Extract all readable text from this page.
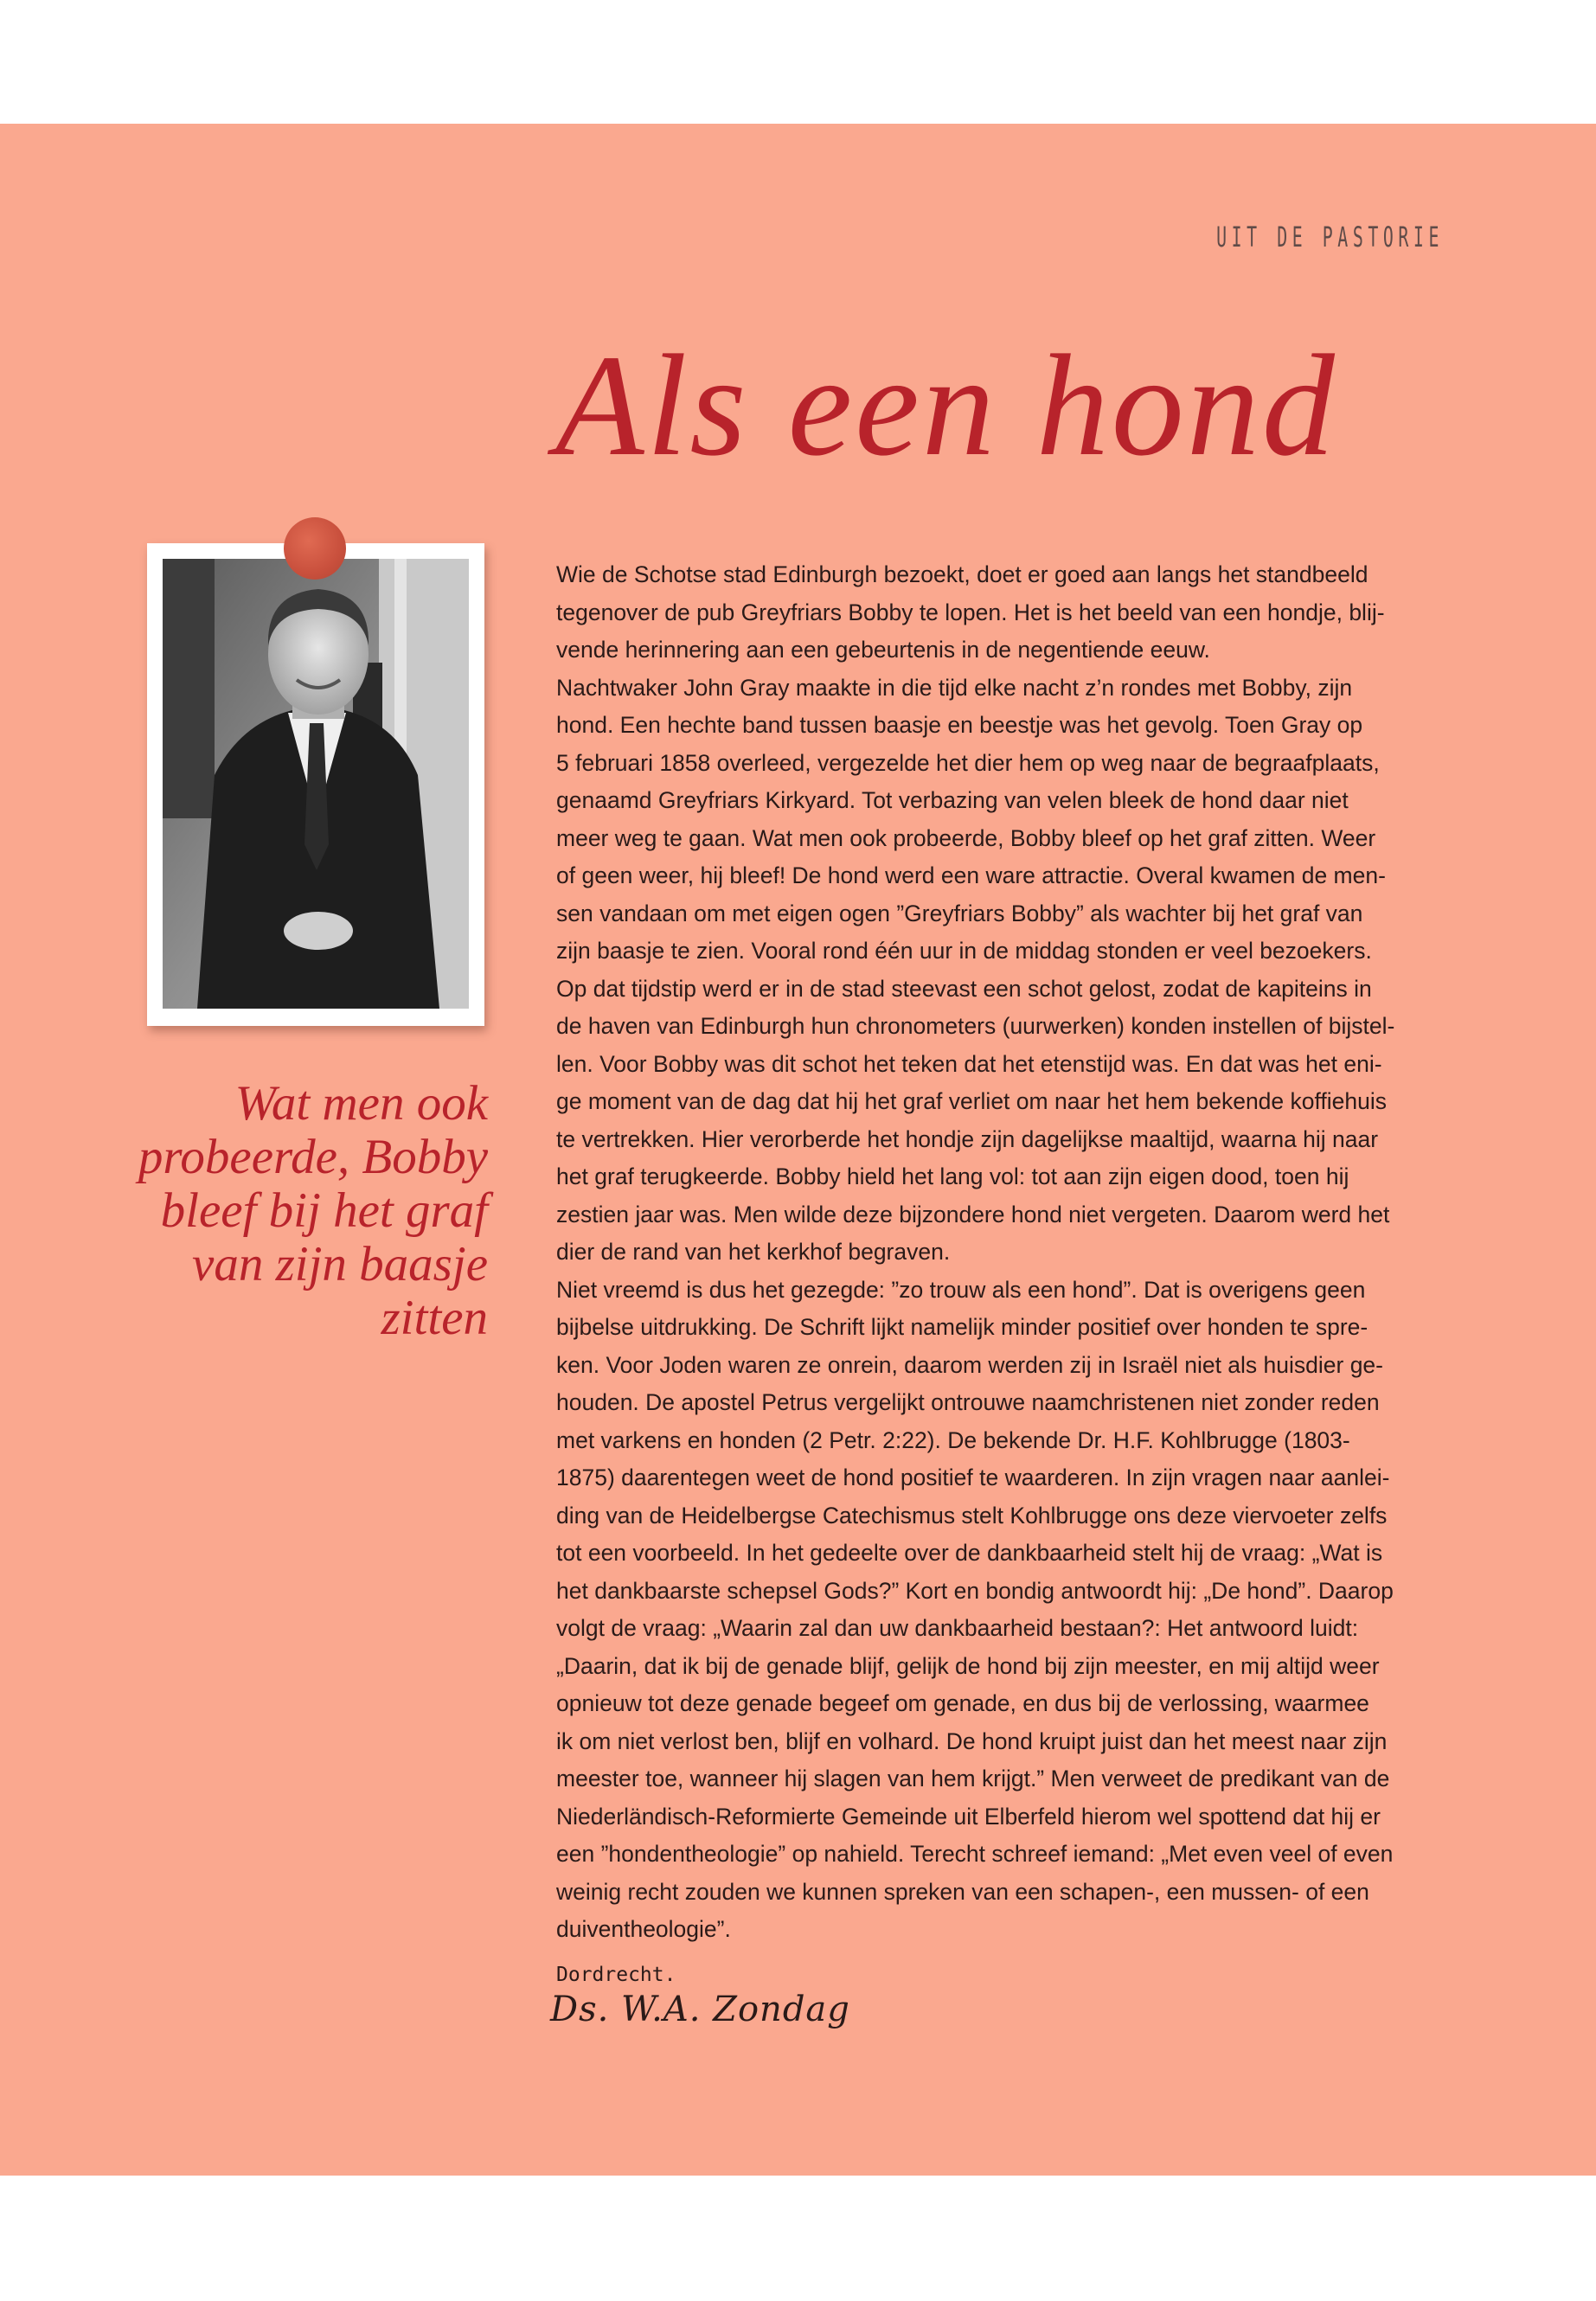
UIT DE PASTORIE
Als een hond
Wat men ook
probeerde, Bobby
bleef bij het graf
van zijn baasje
zitten
Wie de Schotse stad Edinburgh bezoekt, doet er goed aan langs het standbeeld
tegenover de pub Greyfriars Bobby te lopen. Het is het beeld van een hondje, blij-
vende herinnering aan een gebeurtenis in de negentiende eeuw.
Nachtwaker John Gray maakte in die tijd elke nacht z’n rondes met Bobby, zijn
hond. Een hechte band tussen baasje en beestje was het gevolg. Toen Gray op
5 februari 1858 overleed, vergezelde het dier hem op weg naar de begraafplaats,
genaamd Greyfriars Kirkyard. Tot verbazing van velen bleek de hond daar niet
meer weg te gaan. Wat men ook probeerde, Bobby bleef op het graf zitten. Weer
of geen weer, hij bleef! De hond werd een ware attractie. Overal kwamen de men-
sen vandaan om met eigen ogen ”Greyfriars Bobby” als wachter bij het graf van
zijn baasje te zien. Vooral rond één uur in de middag stonden er veel bezoekers.
Op dat tijdstip werd er in de stad steevast een schot gelost, zodat de kapiteins in
de haven van Edinburgh hun chronometers (uurwerken) konden instellen of bijstel-
len. Voor Bobby was dit schot het teken dat het etenstijd was. En dat was het eni-
ge moment van de dag dat hij het graf verliet om naar het hem bekende koffiehuis
te vertrekken. Hier verorberde het hondje zijn dagelijkse maaltijd, waarna hij naar
het graf terugkeerde. Bobby hield het lang vol: tot aan zijn eigen dood, toen hij
zestien jaar was. Men wilde deze bijzondere hond niet vergeten. Daarom werd het
dier de rand van het kerkhof begraven.
Niet vreemd is dus het gezegde: ”zo trouw als een hond”. Dat is overigens geen
bijbelse uitdrukking. De Schrift lijkt namelijk minder positief over honden te spre-
ken. Voor Joden waren ze onrein, daarom werden zij in Israël niet als huisdier ge-
houden. De apostel Petrus vergelijkt ontrouwe naamchristenen niet zonder reden
met varkens en honden (2 Petr. 2:22). De bekende Dr. H.F. Kohlbrugge (1803-
1875) daarentegen weet de hond positief te waarderen. In zijn vragen naar aanlei-
ding van de Heidelbergse Catechismus stelt Kohlbrugge ons deze viervoeter zelfs
tot een voorbeeld. In het gedeelte over de dankbaarheid stelt hij de vraag: „Wat is
het dankbaarste schepsel Gods?” Kort en bondig antwoordt hij: „De hond”. Daarop
volgt de vraag: „Waarin zal dan uw dankbaarheid bestaan?: Het antwoord luidt:
„Daarin, dat ik bij de genade blijf, gelijk de hond bij zijn meester, en mij altijd weer
opnieuw tot deze genade begeef om genade, en dus bij de verlossing, waarmee
ik om niet verlost ben, blijf en volhard. De hond kruipt juist dan het meest naar zijn
meester toe, wanneer hij slagen van hem krijgt.” Men verweet de predikant van de
Niederländisch-Reformierte Gemeinde uit Elberfeld hierom wel spottend dat hij er
een ”hondentheologie” op nahield. Terecht schreef iemand: „Met even veel of even
weinig recht zouden we kunnen spreken van een schapen-, een mussen- of een
duiventheologie”.
Dordrecht.
Ds. W.A. Zondag
